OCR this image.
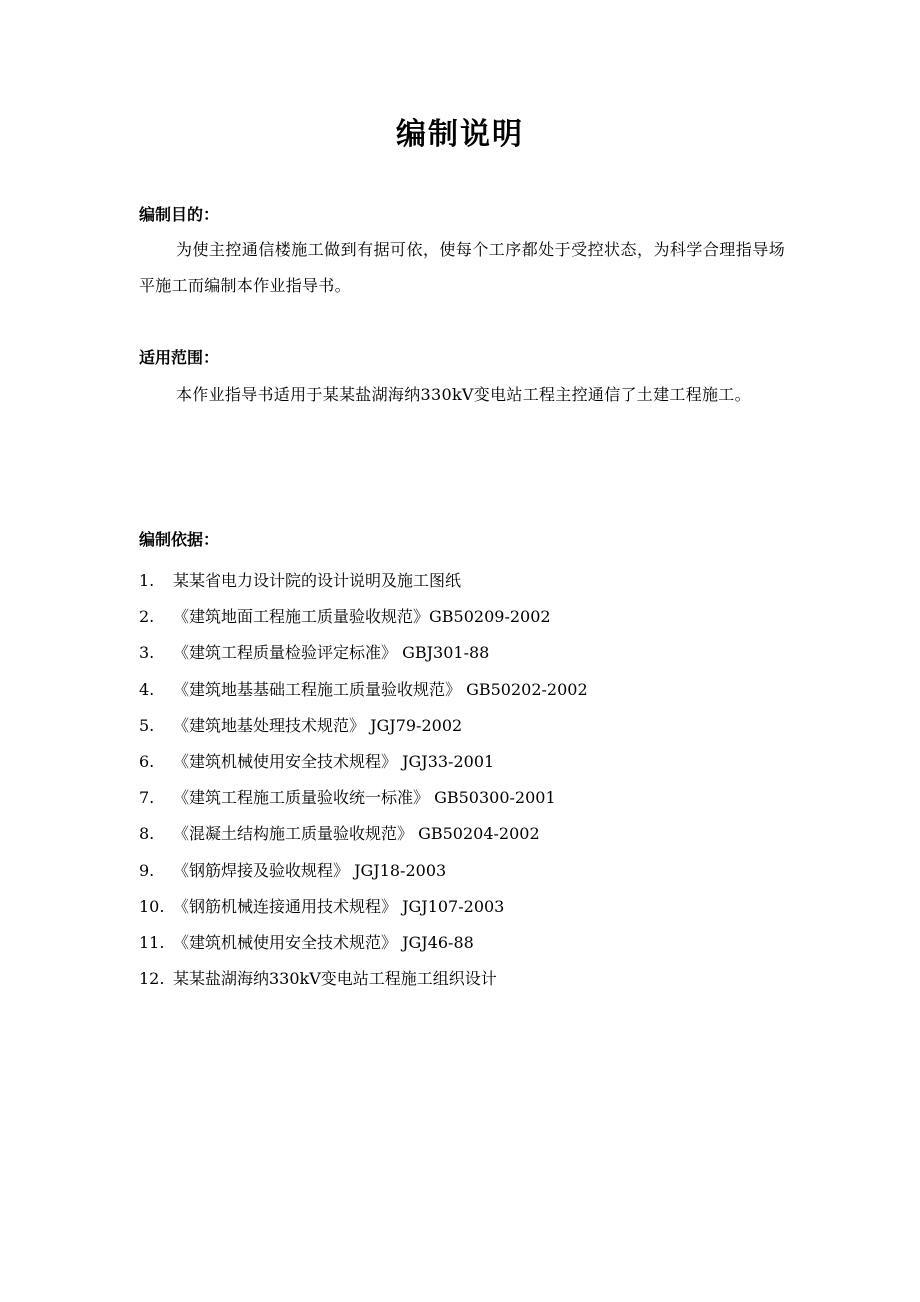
编制说明
编制目的：
为使主控通信楼施工做到有据可依，使每个工序都处于受控状态，为科学合理指导场平施工而编制本作业指导书。
适用范围：
本作业指导书适用于某某盐湖海纳330kV变电站工程主控通信了土建工程施工。
编制依据：
1. 某某省电力设计院的设计说明及施工图纸
2. 《建筑地面工程施工质量验收规范》GB50209-2002
3. 《建筑工程质量检验评定标准》 GBJ301-88
4. 《建筑地基基础工程施工质量验收规范》 GB50202-2002
5. 《建筑地基处理技术规范》 JGJ79-2002
6. 《建筑机械使用安全技术规程》 JGJ33-2001
7. 《建筑工程施工质量验收统一标准》 GB50300-2001
8. 《混凝土结构施工质量验收规范》 GB50204-2002
9. 《钢筋焊接及验收规程》 JGJ18-2003
10. 《钢筋机械连接通用技术规程》 JGJ107-2003
11. 《建筑机械使用安全技术规范》 JGJ46-88
12. 某某盐湖海纳330kV变电站工程施工组织设计
